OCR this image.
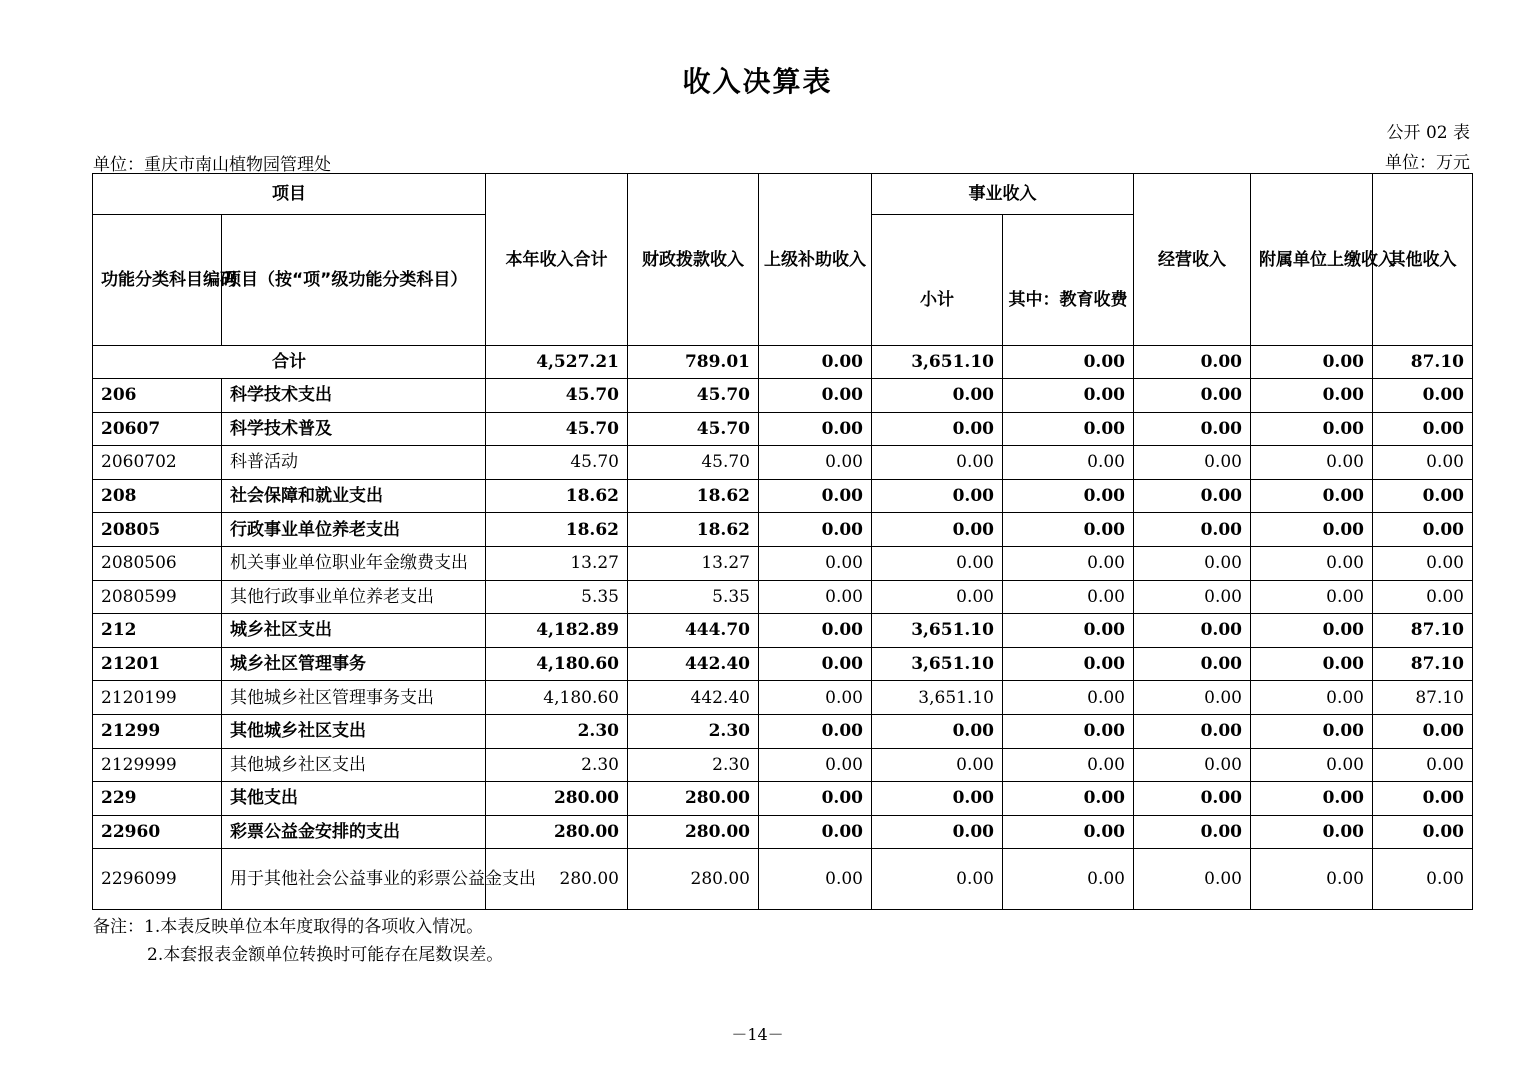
收入决算表
公开 02 表
单位：重庆市南山植物园管理处	单位：万元
项目		本年收入合计	财政拨款收入	上级补助收入	事业收入		经营收入	附属单位上缴收入	其他收入
功能分类科目编码	项目（按“项”级功能分类科目）				小计	其中：教育收费			
合计		4,527.21	789.01	0.00	3,651.10	0.00	0.00	0.00	87.10
206	科学技术支出	45.70	45.70	0.00	0.00	0.00	0.00	0.00	0.00
20607	科学技术普及	45.70	45.70	0.00	0.00	0.00	0.00	0.00	0.00
2060702	科普活动	45.70	45.70	0.00	0.00	0.00	0.00	0.00	0.00
208	社会保障和就业支出	18.62	18.62	0.00	0.00	0.00	0.00	0.00	0.00
20805	行政事业单位养老支出	18.62	18.62	0.00	0.00	0.00	0.00	0.00	0.00
2080506	机关事业单位职业年金缴费支出	13.27	13.27	0.00	0.00	0.00	0.00	0.00	0.00
2080599	其他行政事业单位养老支出	5.35	5.35	0.00	0.00	0.00	0.00	0.00	0.00
212	城乡社区支出	4,182.89	444.70	0.00	3,651.10	0.00	0.00	0.00	87.10
21201	城乡社区管理事务	4,180.60	442.40	0.00	3,651.10	0.00	0.00	0.00	87.10
2120199	其他城乡社区管理事务支出	4,180.60	442.40	0.00	3,651.10	0.00	0.00	0.00	87.10
21299	其他城乡社区支出	2.30	2.30	0.00	0.00	0.00	0.00	0.00	0.00
2129999	其他城乡社区支出	2.30	2.30	0.00	0.00	0.00	0.00	0.00	0.00
229	其他支出	280.00	280.00	0.00	0.00	0.00	0.00	0.00	0.00
22960	彩票公益金安排的支出	280.00	280.00	0.00	0.00	0.00	0.00	0.00	0.00
2296099	用于其他社会公益事业的彩票公益金支出	280.00	280.00	0.00	0.00	0.00	0.00	0.00	0.00
备注：1.本表反映单位本年度取得的各项收入情况。
2.本套报表金额单位转换时可能存在尾数误差。
－14－
